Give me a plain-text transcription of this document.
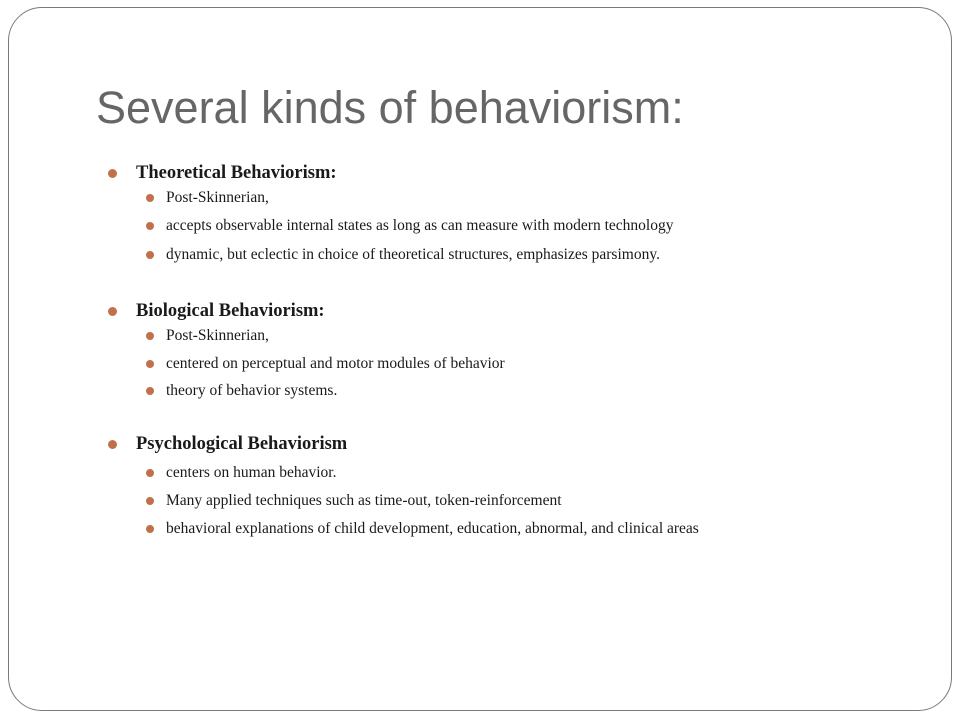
Several kinds of behaviorism:
Theoretical Behaviorism:
Post-Skinnerian,
accepts observable internal states as long as can measure with modern technology
dynamic, but eclectic in choice of theoretical structures, emphasizes parsimony.
Biological Behaviorism:
Post-Skinnerian,
centered on perceptual and motor modules of behavior
theory of behavior systems.
Psychological Behaviorism
centers on human behavior.
Many applied techniques such as time-out, token-reinforcement
behavioral explanations of child development, education, abnormal, and clinical areas
